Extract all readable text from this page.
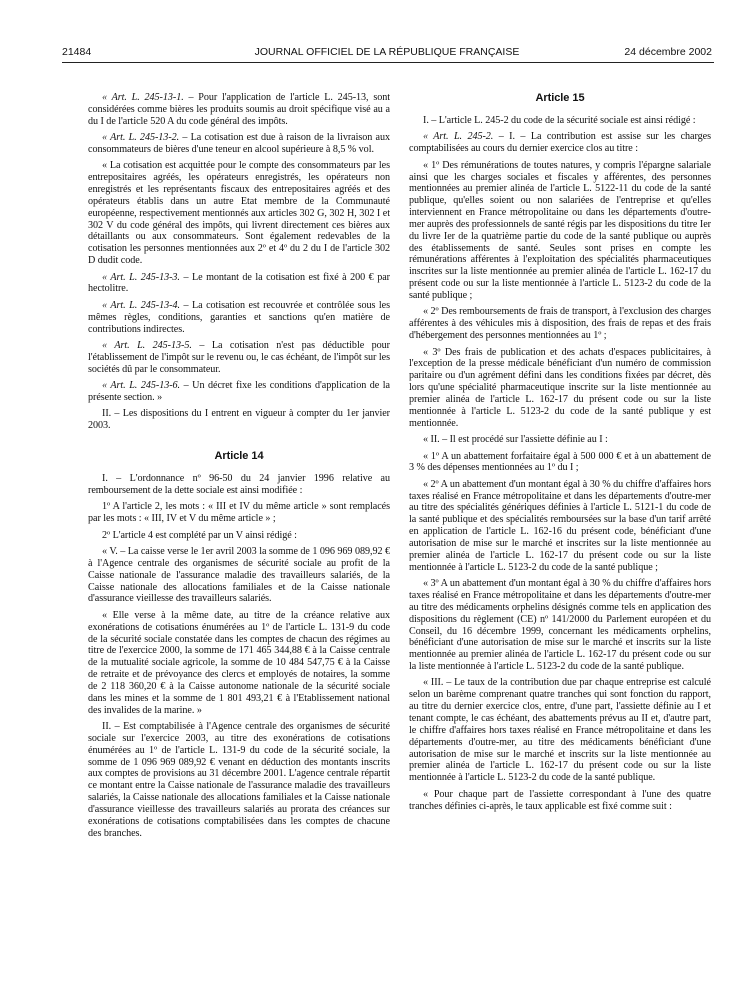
21484	JOURNAL OFFICIEL DE LA RÉPUBLIQUE FRANÇAISE	24 décembre 2002

« Art. L. 245-13-1. – Pour l'application de l'article L. 245-13, sont considérées comme bières les produits soumis au droit spécifique visé au a du I de l'article 520 A du code général des impôts.

« Art. L. 245-13-2. – La cotisation est due à raison de la livraison aux consommateurs de bières d'une teneur en alcool supérieure à 8,5 % vol.

« La cotisation est acquittée pour le compte des consommateurs par les entrepositaires agréés, les opérateurs enregistrés, les opérateurs non enregistrés et les représentants fiscaux des entrepositaires agréés et des opérateurs établis dans un autre Etat membre de la Communauté européenne, respectivement mentionnés aux articles 302 G, 302 H, 302 I et 302 V du code général des impôts, qui livrent directement ces bières aux détaillants ou aux consommateurs. Sont également redevables de la cotisation les personnes mentionnées aux 2º et 4º du 2 du I de l'article 302 D dudit code.

« Art. L. 245-13-3. – Le montant de la cotisation est fixé à 200 € par hectolitre.

« Art. L. 245-13-4. – La cotisation est recouvrée et contrôlée sous les mêmes règles, conditions, garanties et sanctions qu'en matière de contributions indirectes.

« Art. L. 245-13-5. – La cotisation n'est pas déductible pour l'établissement de l'impôt sur le revenu ou, le cas échéant, de l'impôt sur les sociétés dû par le consommateur.

« Art. L. 245-13-6. – Un décret fixe les conditions d'application de la présente section. »

II. – Les dispositions du I entrent en vigueur à compter du 1er janvier 2003.

Article 14

I. – L'ordonnance nº 96-50 du 24 janvier 1996 relative au remboursement de la dette sociale est ainsi modifiée :

1º A l'article 2, les mots : « III et IV du même article » sont remplacés par les mots : « III, IV et V du même article » ;

2º L'article 4 est complété par un V ainsi rédigé :

« V. – La caisse verse le 1er avril 2003 la somme de 1 096 969 089,92 € à l'Agence centrale des organismes de sécurité sociale au profit de la Caisse nationale de l'assurance maladie des travailleurs salariés, de la Caisse nationale des allocations familiales et de la Caisse nationale d'assurance vieillesse des travailleurs salariés.

« Elle verse à la même date, au titre de la créance relative aux exonérations de cotisations énumérées au 1º de l'article L. 131-9 du code de la sécurité sociale constatée dans les comptes de chacun des régimes au titre de l'exercice 2000, la somme de 171 465 344,88 € à la Caisse centrale de la mutualité sociale agricole, la somme de 10 484 547,75 € à la Caisse de retraite et de prévoyance des clercs et employés de notaires, la somme de 2 118 360,20 € à la Caisse autonome nationale de la sécurité sociale dans les mines et la somme de 1 801 493,21 € à l'Etablissement national des invalides de la marine. »

II. – Est comptabilisée à l'Agence centrale des organismes de sécurité sociale sur l'exercice 2003, au titre des exonérations de cotisations énumérées au 1º de l'article L. 131-9 du code de la sécurité sociale, la somme de 1 096 969 089,92 € venant en déduction des montants inscrits aux comptes de provisions au 31 décembre 2001. L'agence centrale répartit ce montant entre la Caisse nationale de l'assurance maladie des travailleurs salariés, la Caisse nationale des allocations familiales et la Caisse nationale d'assurance vieillesse des travailleurs salariés au prorata des créances sur exonérations de cotisations comptabilisées dans les comptes de chacune des branches.

Article 15

I. – L'article L. 245-2 du code de la sécurité sociale est ainsi rédigé :

« Art. L. 245-2. – I. – La contribution est assise sur les charges comptabilisées au cours du dernier exercice clos au titre :

« 1º Des rémunérations de toutes natures, y compris l'épargne salariale ainsi que les charges sociales et fiscales y afférentes, des personnes mentionnées au premier alinéa de l'article L. 5122-11 du code de la santé publique, qu'elles soient ou non salariées de l'entreprise et qu'elles interviennent en France métropolitaine ou dans les départements d'outre-mer auprès des professionnels de santé régis par les dispositions du titre Ier du livre Ier de la quatrième partie du code de la santé publique ou auprès des établissements de santé. Seules sont prises en compte les rémunérations afférentes à l'exploitation des spécialités pharmaceutiques inscrites sur la liste mentionnée au premier alinéa de l'article L. 162-17 du présent code ou sur la liste mentionnée à l'article L. 5123-2 du code de la santé publique ;

« 2º Des remboursements de frais de transport, à l'exclusion des charges afférentes à des véhicules mis à disposition, des frais de repas et des frais d'hébergement des personnes mentionnées au 1º ;

« 3º Des frais de publication et des achats d'espaces publicitaires, à l'exception de la presse médicale bénéficiant d'un numéro de commission paritaire ou d'un agrément défini dans les conditions fixées par décret, dès lors qu'une spécialité pharmaceutique inscrite sur la liste mentionnée au premier alinéa de l'article L. 162-17 du présent code ou sur la liste mentionnée à l'article L. 5123-2 du code de la santé publique y est mentionnée.

« II. – Il est procédé sur l'assiette définie au I :

« 1º A un abattement forfaitaire égal à 500 000 € et à un abattement de 3 % des dépenses mentionnées au 1º du I ;

« 2º A un abattement d'un montant égal à 30 % du chiffre d'affaires hors taxes réalisé en France métropolitaine et dans les départements d'outre-mer au titre des spécialités génériques définies à l'article L. 5121-1 du code de la santé publique et des spécialités remboursées sur la base d'un tarif arrêté en application de l'article L. 162-16 du présent code, bénéficiant d'une autorisation de mise sur le marché et inscrites sur la liste mentionnée au premier alinéa de l'article L. 162-17 du présent code ou sur la liste mentionnée à l'article L. 5123-2 du code de la santé publique ;

« 3º A un abattement d'un montant égal à 30 % du chiffre d'affaires hors taxes réalisé en France métropolitaine et dans les départements d'outre-mer au titre des médicaments orphelins désignés comme tels en application des dispositions du règlement (CE) nº 141/2000 du Parlement européen et du Conseil, du 16 décembre 1999, concernant les médicaments orphelins, bénéficiant d'une autorisation de mise sur le marché et inscrits sur la liste mentionnée au premier alinéa de l'article L. 162-17 du présent code ou sur la liste mentionnée à l'article L. 5123-2 du code de la santé publique.

« III. – Le taux de la contribution due par chaque entreprise est calculé selon un barème comprenant quatre tranches qui sont fonction du rapport, au titre du dernier exercice clos, entre, d'une part, l'assiette définie au I et tenant compte, le cas échéant, des abattements prévus au II et, d'autre part, le chiffre d'affaires hors taxes réalisé en France métropolitaine et dans les départements d'outre-mer, au titre des médicaments bénéficiant d'une autorisation de mise sur le marché et inscrits sur la liste mentionnée au premier alinéa de l'article L. 162-17 du présent code ou sur la liste mentionnée à l'article L. 5123-2 du code de la santé publique.

« Pour chaque part de l'assiette correspondant à l'une des quatre tranches définies ci-après, le taux applicable est fixé comme suit :
